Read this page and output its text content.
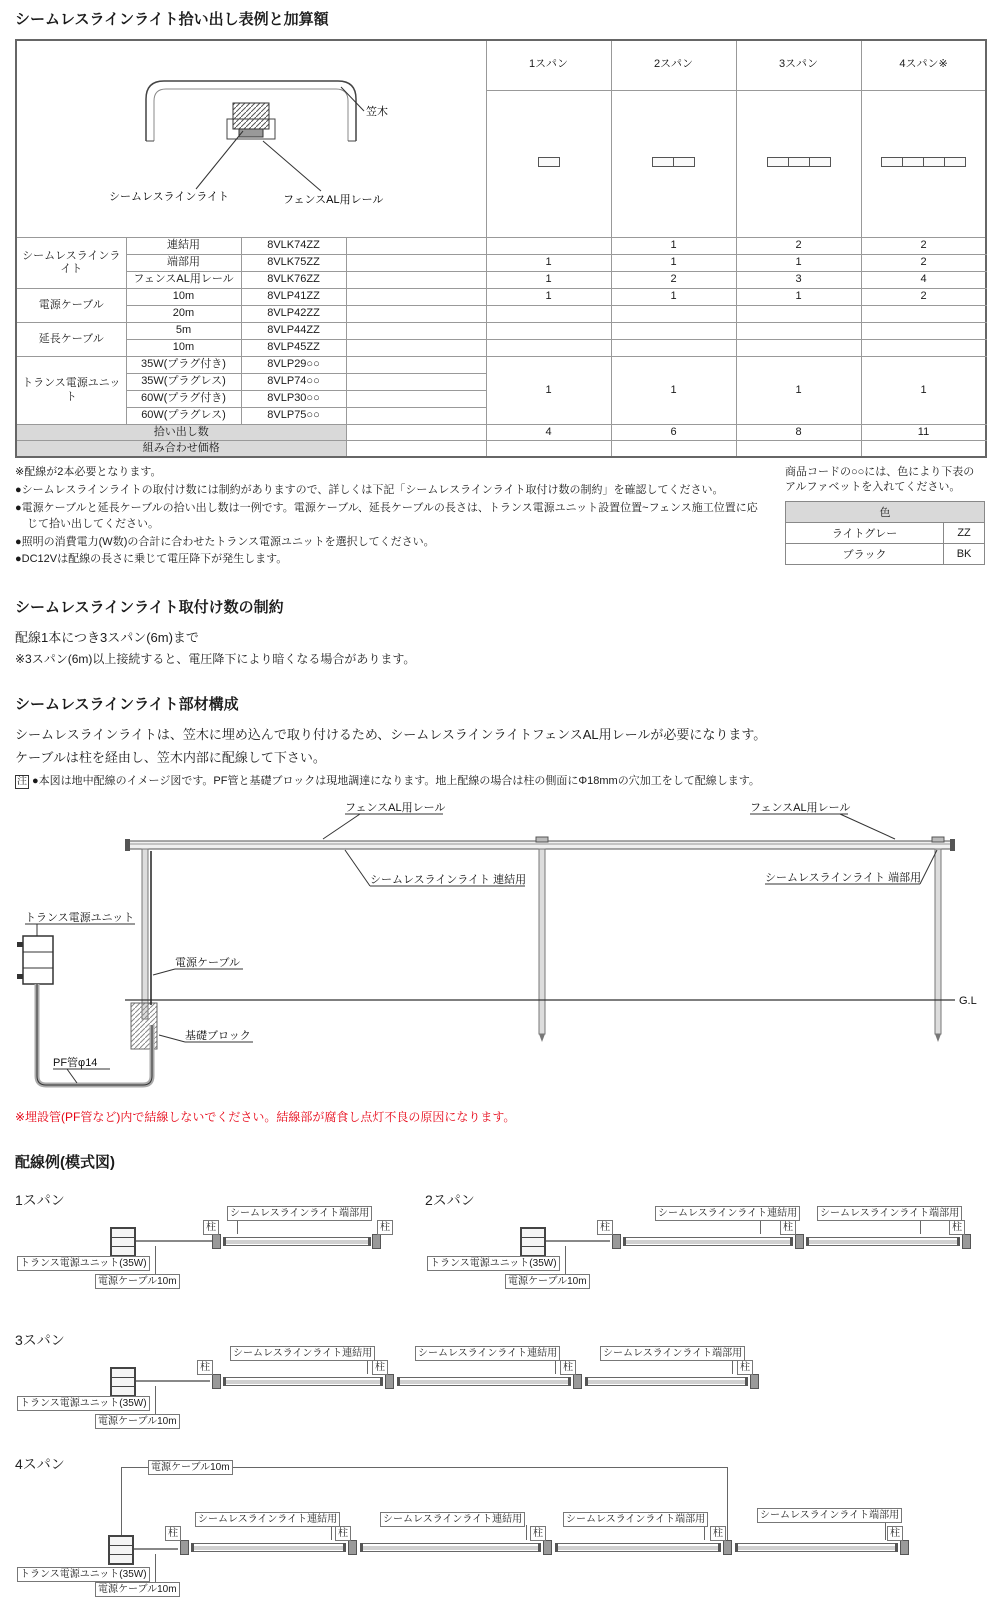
シームレスラインライト拾い出し表例と加算額
笠木
シームレスラインライト フェンスAL用レール				1スパン	2スパン	3スパン	4スパン※	

シームレスラインライト	連結用	8VLK74ZZ			1	2	2	
	端部用	8VLK75ZZ		1	1	1	2	
	フェンスAL用レール	8VLK76ZZ		1	2	3	4	
電源ケーブル	10m	8VLP41ZZ		1	1	1	2	
	20m	8VLP42ZZ						
延長ケーブル	5m	8VLP44ZZ						
	10m	8VLP45ZZ						
トランス電源ユニット	35W(プラグ付き)	8VLP29○○		1	1	1	1	
	35W(プラグレス)	8VLP74○○						
	60W(プラグ付き)	8VLP30○○						
	60W(プラグレス)	8VLP75○○						
拾い出し数				4	6	8	11	
組み合わせ価格								
※配線が2本必要となります。
●シームレスラインライトの取付け数には制約がありますので、詳しくは下記「シームレスラインライト取付け数の制約」を確認してください。
●電源ケーブルと延長ケーブルの拾い出し数は一例です。電源ケーブル、延長ケーブルの長さは、トランス電源ユニット設置位置~フェンス施工位置に応じて拾い出してください。
●照明の消費電力(W数)の合計に合わせたトランス電源ユニットを選択してください。
●DC12Vは配線の長さに乗じて電圧降下が発生します。
商品コードの○○には、色により下表のアルファベットを入れてください。
色	
ライトグレー	ZZ
ブラック	BK
シームレスラインライト取付け数の制約
配線1本につき3スパン(6m)まで
※3スパン(6m)以上接続すると、電圧降下により暗くなる場合があります。
シームレスラインライト部材構成
シームレスラインライトは、笠木に埋め込んで取り付けるため、シームレスラインライトフェンスAL用レールが必要になります。
ケーブルは柱を経由し、笠木内部に配線して下さい。
注 ●本図は地中配線のイメージ図です。PF管と基礎ブロックは現地調達になります。地上配線の場合は柱の側面にΦ18mmの穴加工をして配線します。
G.L
フェンスAL用レール	フェンスAL用レール
シームレスラインライト 連結用	シームレスラインライト 端部用
トランス電源ユニット
電源ケーブル
基礎ブロック
PF管φ14
※埋設管(PF管など)内で結線しないでください。結線部が腐食し点灯不良の原因になります。
配線例(模式図)
1スパン
シームレスラインライト端部用
柱	柱
トランス電源ユニット(35W)
電源ケーブル10m
2スパン
シームレスラインライト連結用	シームレスラインライト端部用
柱	柱	柱
トランス電源ユニット(35W)
電源ケーブル10m
3スパン
シームレスラインライト連結用	シームレスラインライト連結用	シームレスラインライト端部用
柱	柱	柱	柱
トランス電源ユニット(35W)
電源ケーブル10m
4スパン	電源ケーブル10m
シームレスラインライト連結用	シームレスラインライト連結用	シームレスラインライト端部用	シームレスラインライト端部用
柱	柱	柱	柱	柱
トランス電源ユニット(35W)
電源ケーブル10m
